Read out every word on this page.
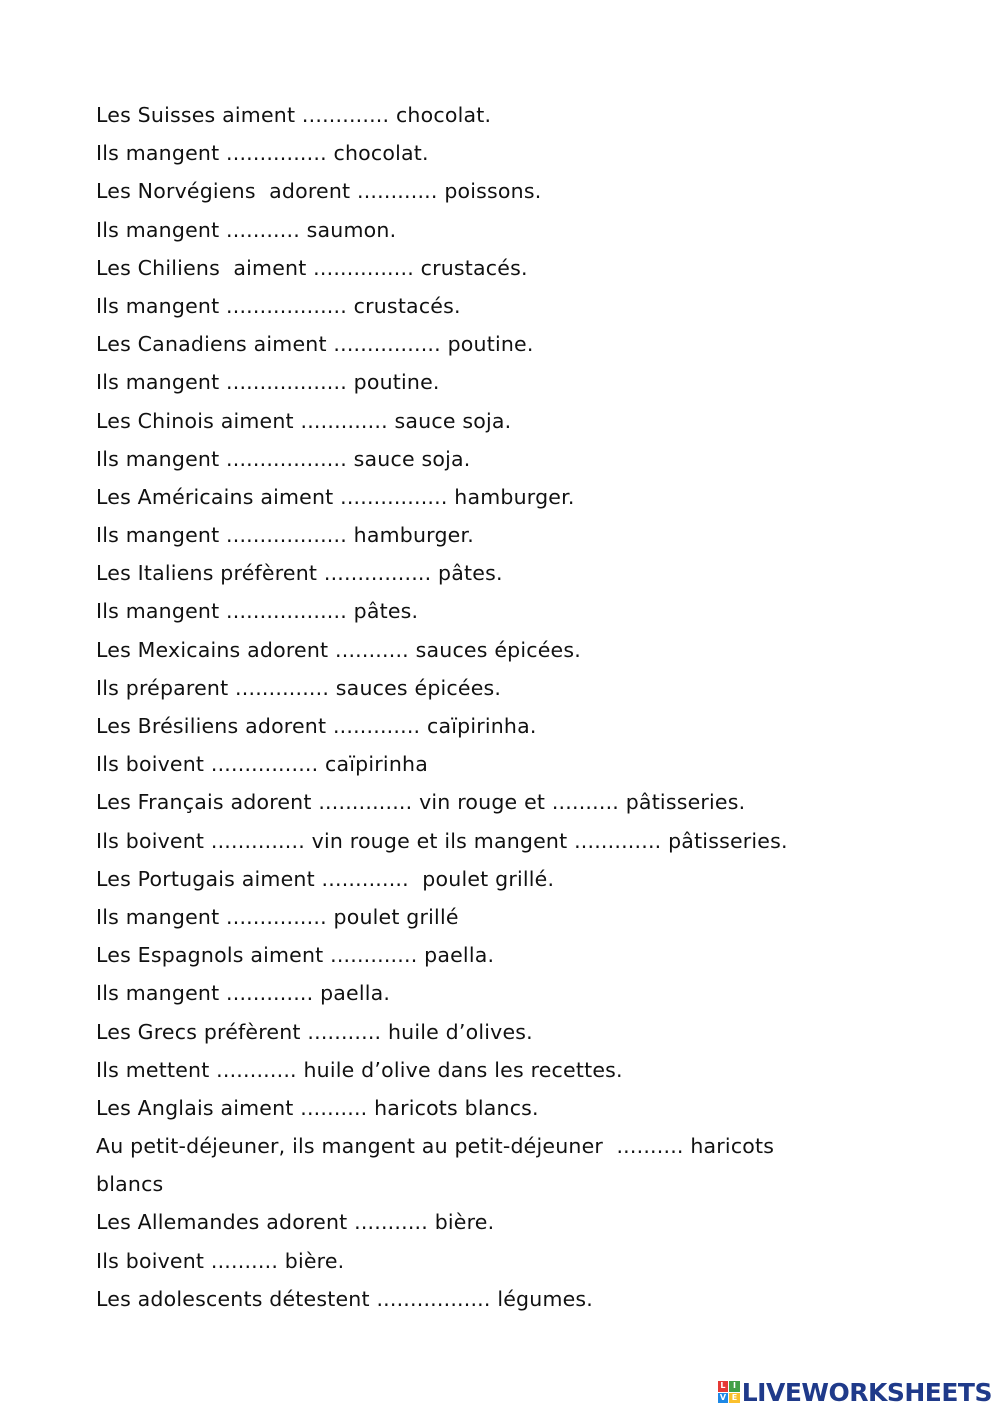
Les Suisses aiment ............. chocolat.
Ils mangent ............... chocolat.
Les Norvégiens  adorent ............ poissons.
Ils mangent ........... saumon.
Les Chiliens  aiment ............... crustacés.
Ils mangent .................. crustacés.
Les Canadiens aiment ................ poutine.
Ils mangent .................. poutine.
Les Chinois aiment ............. sauce soja.
Ils mangent .................. sauce soja.
Les Américains aiment ................ hamburger.
Ils mangent .................. hamburger.
Les Italiens préfèrent ................ pâtes.
Ils mangent .................. pâtes.
Les Mexicains adorent ........... sauces épicées.
Ils préparent .............. sauces épicées.
Les Brésiliens adorent ............. caïpirinha.
Ils boivent ................ caïpirinha
Les Français adorent .............. vin rouge et .......... pâtisseries.
Ils boivent .............. vin rouge et ils mangent ............. pâtisseries.
Les Portugais aiment .............  poulet grillé.
Ils mangent ............... poulet grillé
Les Espagnols aiment ............. paella.
Ils mangent ............. paella.
Les Grecs préfèrent ........... huile d’olives.
Ils mettent ............ huile d’olive dans les recettes.
Les Anglais aiment .......... haricots blancs.
Au petit-déjeuner, ils mangent au petit-déjeuner  .......... haricots
blancs
Les Allemandes adorent ........... bière.
Ils boivent .......... bière.
Les adolescents détestent ................. légumes.
L I
V E LIVEWORKSHEETS
